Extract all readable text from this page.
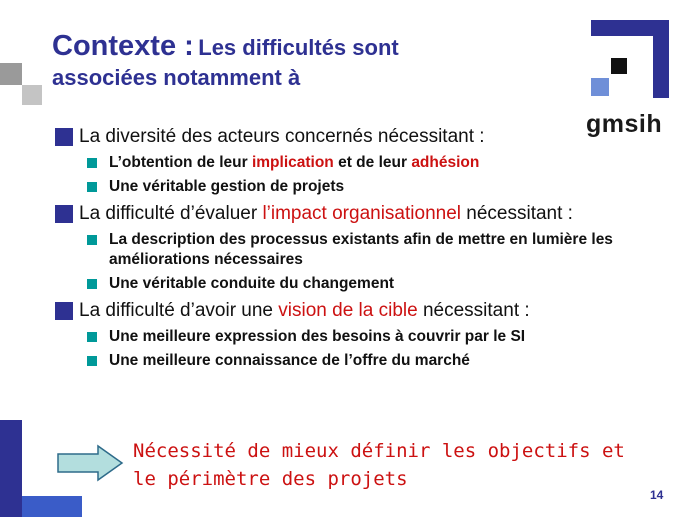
Contexte : Les difficultés sont
associées notamment à
gmsih
La diversité des acteurs concernés nécessitant :
L’obtention de leur implication et de leur adhésion
Une véritable gestion de projets
La difficulté d’évaluer l’impact organisationnel nécessitant :
La description des processus existants afin de mettre en lumière les améliorations nécessaires
Une véritable conduite du changement
La difficulté d’avoir une vision de la cible nécessitant :
Une meilleure expression des besoins à couvrir par le SI
Une meilleure connaissance de l’offre du marché
Nécessité de mieux définir les objectifs et le périmètre des projets
14
